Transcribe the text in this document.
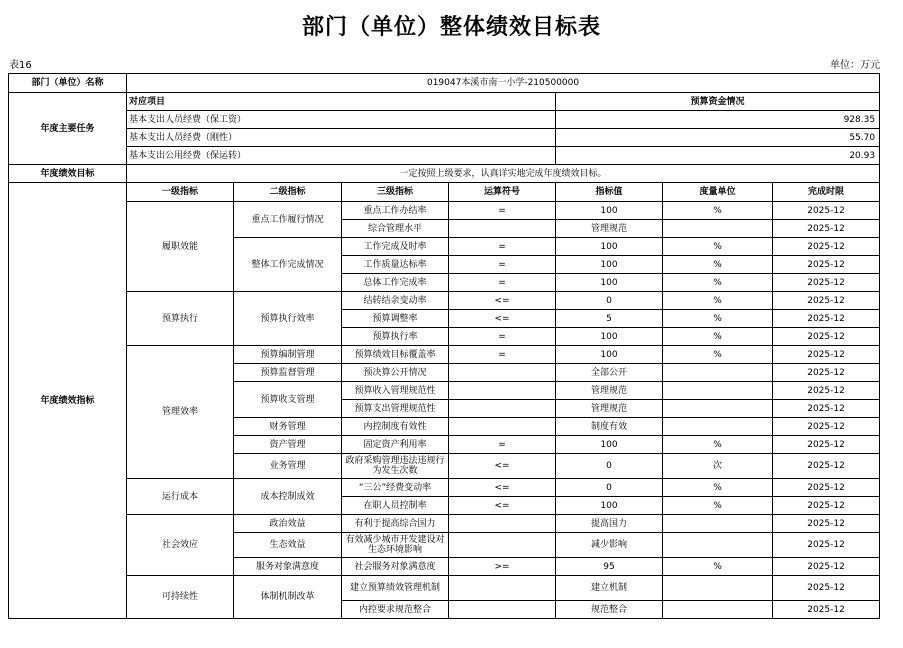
部门（单位）整体绩效目标表
表16	单位：万元
部门（单位）名称	019047本溪市南一小学-210500000						
年度主要任务	对应项目				预算资金情况		
	基本支出人员经费（保工资）				928.35		
	基本支出人员经费（刚性）				55.70		
	基本支出公用经费（保运转）				20.93		
年度绩效目标	一定按照上级要求，认真详实地完成年度绩效目标。						
年度绩效指标	一级指标	二级指标	三级指标	运算符号	指标值	度量单位	完成时限
	履职效能	重点工作履行情况	重点工作办结率	=	100	%	2025-12
			综合管理水平		管理规范		2025-12
		整体工作完成情况	工作完成及时率	=	100	%	2025-12
			工作质量达标率	=	100	%	2025-12
			总体工作完成率	=	100	%	2025-12
	预算执行	预算执行效率	结转结余变动率	<=	0	%	2025-12
			预算调整率	<=	5	%	2025-12
			预算执行率	=	100	%	2025-12
	管理效率	预算编制管理	预算绩效目标覆盖率	=	100	%	2025-12
		预算监督管理	预决算公开情况		全部公开		2025-12
		预算收支管理	预算收入管理规范性		管理规范		2025-12
			预算支出管理规范性		管理规范		2025-12
		财务管理	内控制度有效性		制度有效		2025-12
		资产管理	固定资产利用率	=	100	%	2025-12
		业务管理	政府采购管理违法违规行为发生次数	<=	0	次	2025-12
	运行成本	成本控制成效	“三公”经费变动率	<=	0	%	2025-12
			在职人员控制率	<=	100	%	2025-12
	社会效应	政治效益	有利于提高综合国力		提高国力		2025-12
		生态效益	有效减少城市开发建设对生态环境影响		减少影响		2025-12
		服务对象满意度	社会服务对象满意度	>=	95	%	2025-12
	可持续性	体制机制改革	建立预算绩效管理机制		建立机制		2025-12
			内控要求规范整合		规范整合		2025-12
